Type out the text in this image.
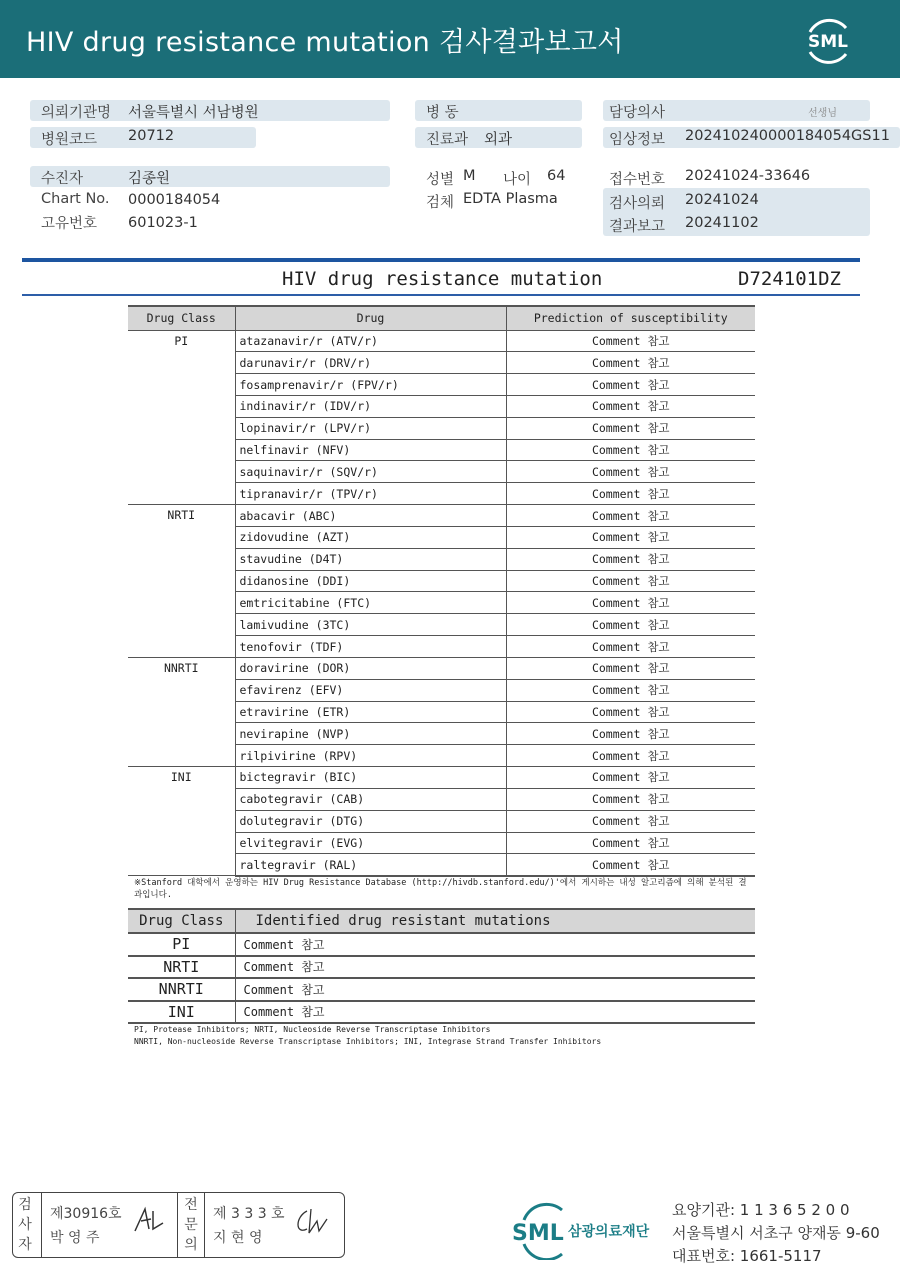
HIV drug resistance mutation 검사결과보고서	SML
의뢰기관명 서울특별시 서남병원
병원코드 20712
병 동
진료과 외과
담당의사	선생님
임상정보 20241024000018405​4GS11
수진자	김종원
Chart No. 0000184054
고유번호 601023-1
성별 M 나이 64
검체 EDTA Plasma
접수번호 20241024-33646
검사의뢰 20241024
결과보고 20241102
HIV drug resistance mutation	D724101DZ
Drug Class	Drug	Prediction of susceptibility
PI	atazanavir/r (ATV/r)	Comment 참고
	darunavir/r (DRV/r)	Comment 참고
	fosamprenavir/r (FPV/r)	Comment 참고
	indinavir/r (IDV/r)	Comment 참고
	lopinavir/r (LPV/r)	Comment 참고
	nelfinavir (NFV)	Comment 참고
	saquinavir/r (SQV/r)	Comment 참고
	tipranavir/r (TPV/r)	Comment 참고
NRTI	abacavir (ABC)	Comment 참고
	zidovudine (AZT)	Comment 참고
	stavudine (D4T)	Comment 참고
	didanosine (DDI)	Comment 참고
	emtricitabine (FTC)	Comment 참고
	lamivudine (3TC)	Comment 참고
	tenofovir (TDF)	Comment 참고
NNRTI	doravirine (DOR)	Comment 참고
	efavirenz (EFV)	Comment 참고
	etravirine (ETR)	Comment 참고
	nevirapine (NVP)	Comment 참고
	rilpivirine (RPV)	Comment 참고
INI	bictegravir (BIC)	Comment 참고
	cabotegravir (CAB)	Comment 참고
	dolutegravir (DTG)	Comment 참고
	elvitegravir (EVG)	Comment 참고
	raltegravir (RAL)	Comment 참고
※Stanford 대학에서 운영하는 HIV Drug Resistance Database (http://hivdb.stanford.edu/)'에서 게시하는 내성 알고리즘에 의해 분석된 결과입니다.
Drug Class	Identified drug resistant mutations
PI	Comment 참고
NRTI	Comment 참고
NNRTI	Comment 참고
INI	Comment 참고
PI, Protease Inhibitors; NRTI, Nucleoside Reverse Transcriptase Inhibitors
NNRTI, Non-nucleoside Reverse Transcriptase Inhibitors; INI, Integrase Strand Transfer Inhibitors
검
사
자
제30916호
박 영 주
전
문
의
제 3 3 3 호
지 현 영	SML 삼광의료재단
요양기관: 1 1 3 6 5 2 0 0
서울특별시 서초구 양재동 9-60
대표번호: 1661-5117
